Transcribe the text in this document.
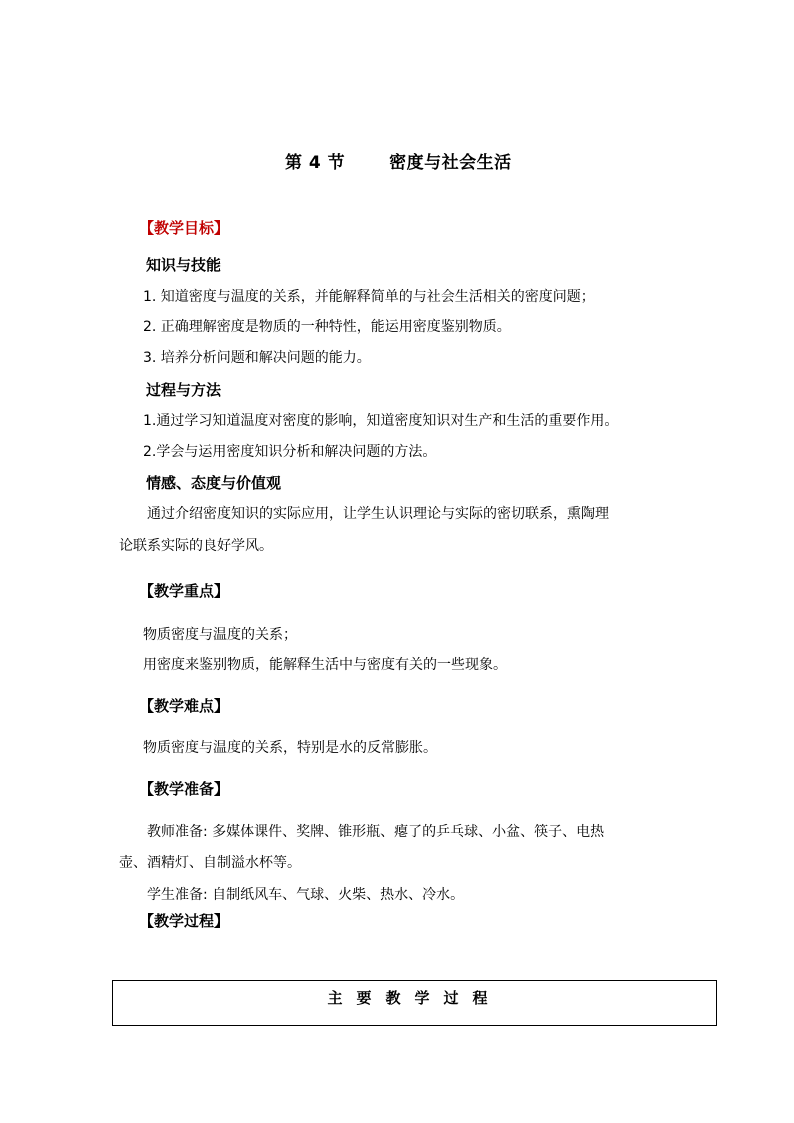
第 4 节	密度与社会生活
【教学目标】
知识与技能
1. 知道密度与温度的关系，并能解释简单的与社会生活相关的密度问题；
2. 正确理解密度是物质的一种特性，能运用密度鉴别物质。
3. 培养分析问题和解决问题的能力。
过程与方法
1.通过学习知道温度对密度的影响，知道密度知识对生产和生活的重要作用。
2.学会与运用密度知识分析和解决问题的方法。
情感、态度与价值观
通过介绍密度知识的实际应用，让学生认识理论与实际的密切联系，熏陶理
论联系实际的良好学风。
【教学重点】
物质密度与温度的关系；
用密度来鉴别物质，能解释生活中与密度有关的一些现象。
【教学难点】
物质密度与温度的关系，特别是水的反常膨胀。
【教学准备】
教师准备: 多媒体课件、奖牌、锥形瓶、瘪了的乒乓球、小盆、筷子、电热
壶、酒精灯、自制溢水杯等。
学生准备: 自制纸风车、气球、火柴、热水、冷水。
【教学过程】
主要教学过程
